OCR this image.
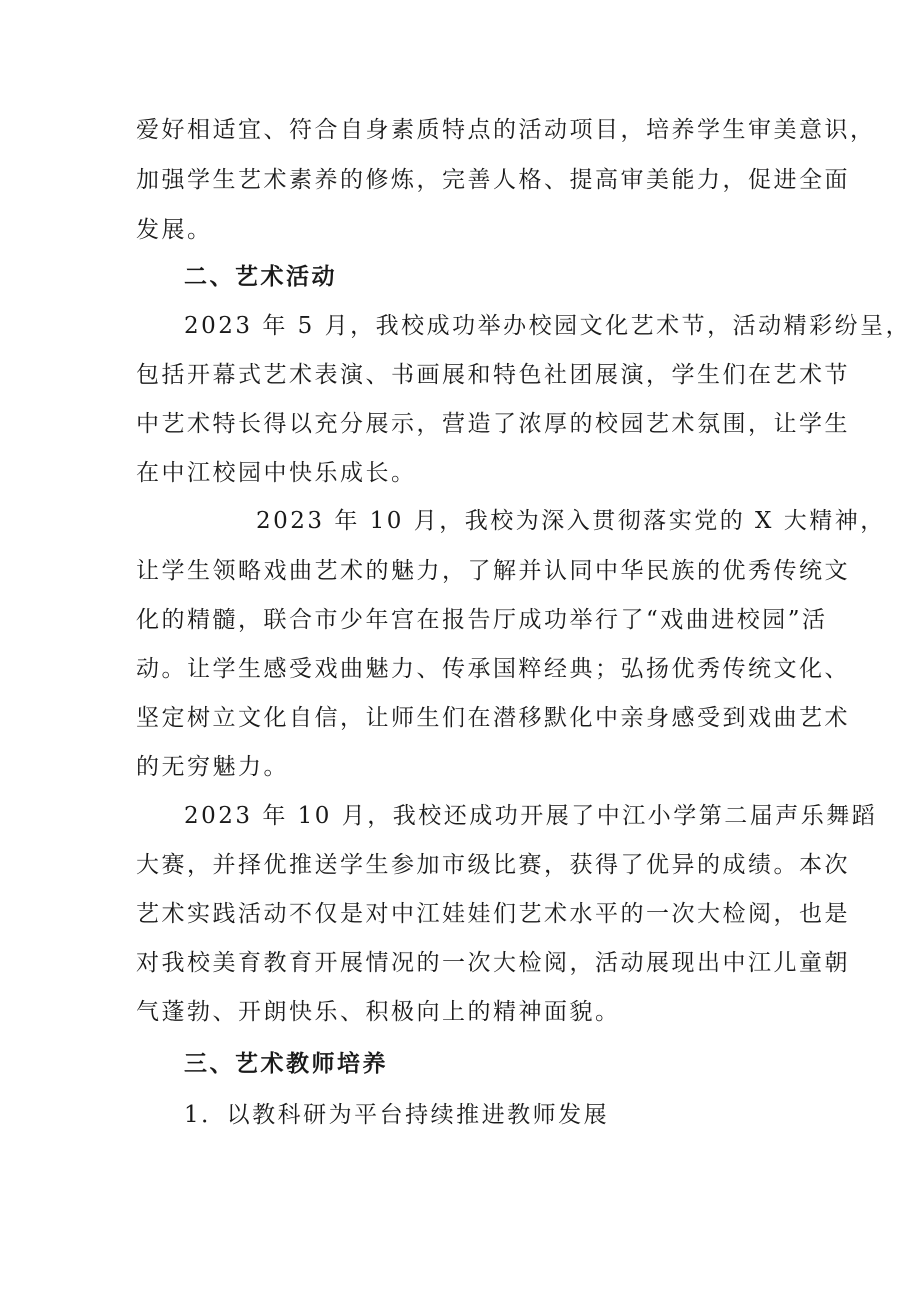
爱好相适宜、符合自身素质特点的活动项目，培养学生审美意识，
加强学生艺术素养的修炼，完善人格、提高审美能力，促进全面
发展。
二、艺术活动
2023 年 5 月，我校成功举办校园文化艺术节，活动精彩纷呈，
包括开幕式艺术表演、书画展和特色社团展演，学生们在艺术节
中艺术特长得以充分展示，营造了浓厚的校园艺术氛围，让学生
在中江校园中快乐成长。
2023 年 10 月，我校为深入贯彻落实党的 X 大精神，
让学生领略戏曲艺术的魅力，了解并认同中华民族的优秀传统文
化的精髓，联合市少年宫在报告厅成功举行了“戏曲进校园”活
动。让学生感受戏曲魅力、传承国粹经典；弘扬优秀传统文化、
坚定树立文化自信，让师生们在潜移默化中亲身感受到戏曲艺术
的无穷魅力。
2023 年 10 月，我校还成功开展了中江小学第二届声乐舞蹈
大赛，并择优推送学生参加市级比赛，获得了优异的成绩。本次
艺术实践活动不仅是对中江娃娃们艺术水平的一次大检阅，也是
对我校美育教育开展情况的一次大检阅，活动展现出中江儿童朝
气蓬勃、开朗快乐、积极向上的精神面貌。
三、艺术教师培养
1．以教科研为平台持续推进教师发展
